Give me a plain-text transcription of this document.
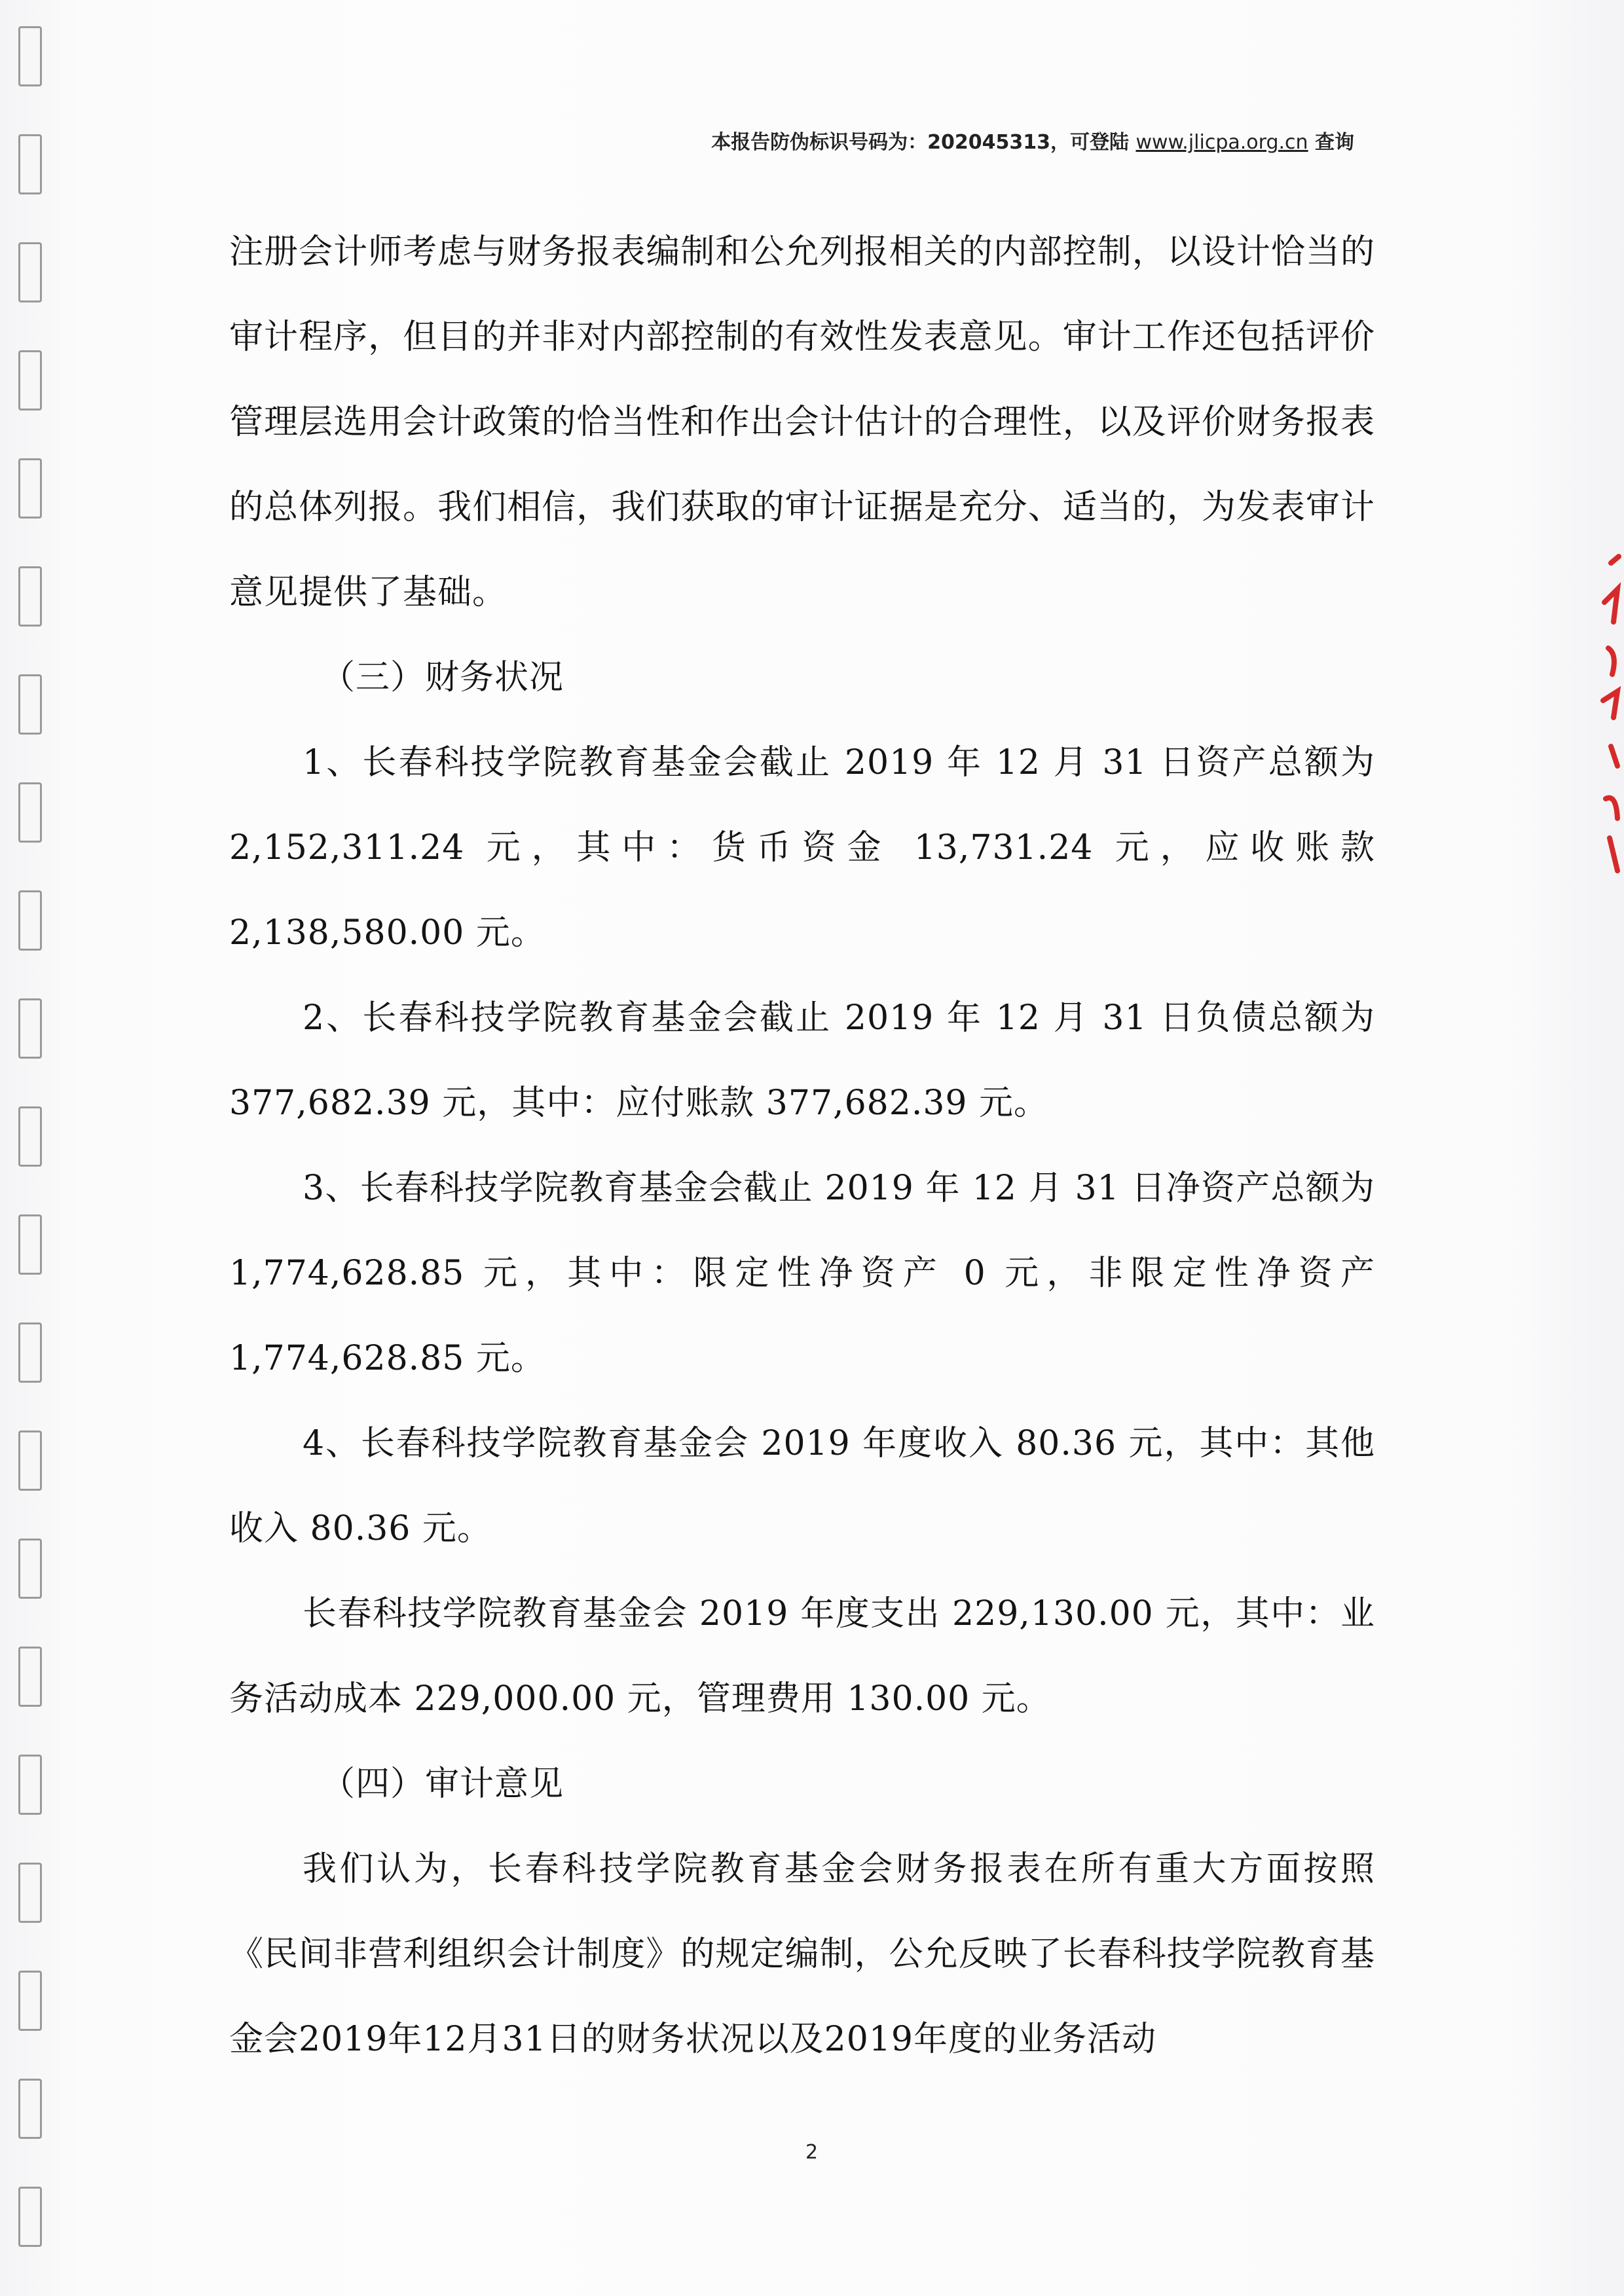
本报告防伪标识号码为：202045313，可登陆 www.jlicpa.org.cn 查询

注册会计师考虑与财务报表编制和公允列报相关的内部控制，以设计恰当的审计程序，但目的并非对内部控制的有效性发表意见。审计工作还包括评价管理层选用会计政策的恰当性和作出会计估计的合理性，以及评价财务报表的总体列报。我们相信，我们获取的审计证据是充分、适当的，为发表审计意见提供了基础。

（三）财务状况

1、长春科技学院教育基金会截止 2019 年 12 月 31 日资产总额为 2,152,311.24 元，其中：货币资金 13,731.24 元，应收账款 2,138,580.00 元。

2、长春科技学院教育基金会截止 2019 年 12 月 31 日负债总额为 377,682.39 元，其中：应付账款 377,682.39 元。

3、长春科技学院教育基金会截止 2019 年 12 月 31 日净资产总额为 1,774,628.85 元，其中：限定性净资产 0 元，非限定性净资产 1,774,628.85 元。

4、长春科技学院教育基金会 2019 年度收入 80.36 元，其中：其他收入 80.36 元。

长春科技学院教育基金会 2019 年度支出 229,130.00 元，其中：业务活动成本 229,000.00 元，管理费用 130.00 元。

（四）审计意见

我们认为，长春科技学院教育基金会财务报表在所有重大方面按照《民间非营利组织会计制度》的规定编制，公允反映了长春科技学院教育基金会2019年12月31日的财务状况以及2019年度的业务活动

2
